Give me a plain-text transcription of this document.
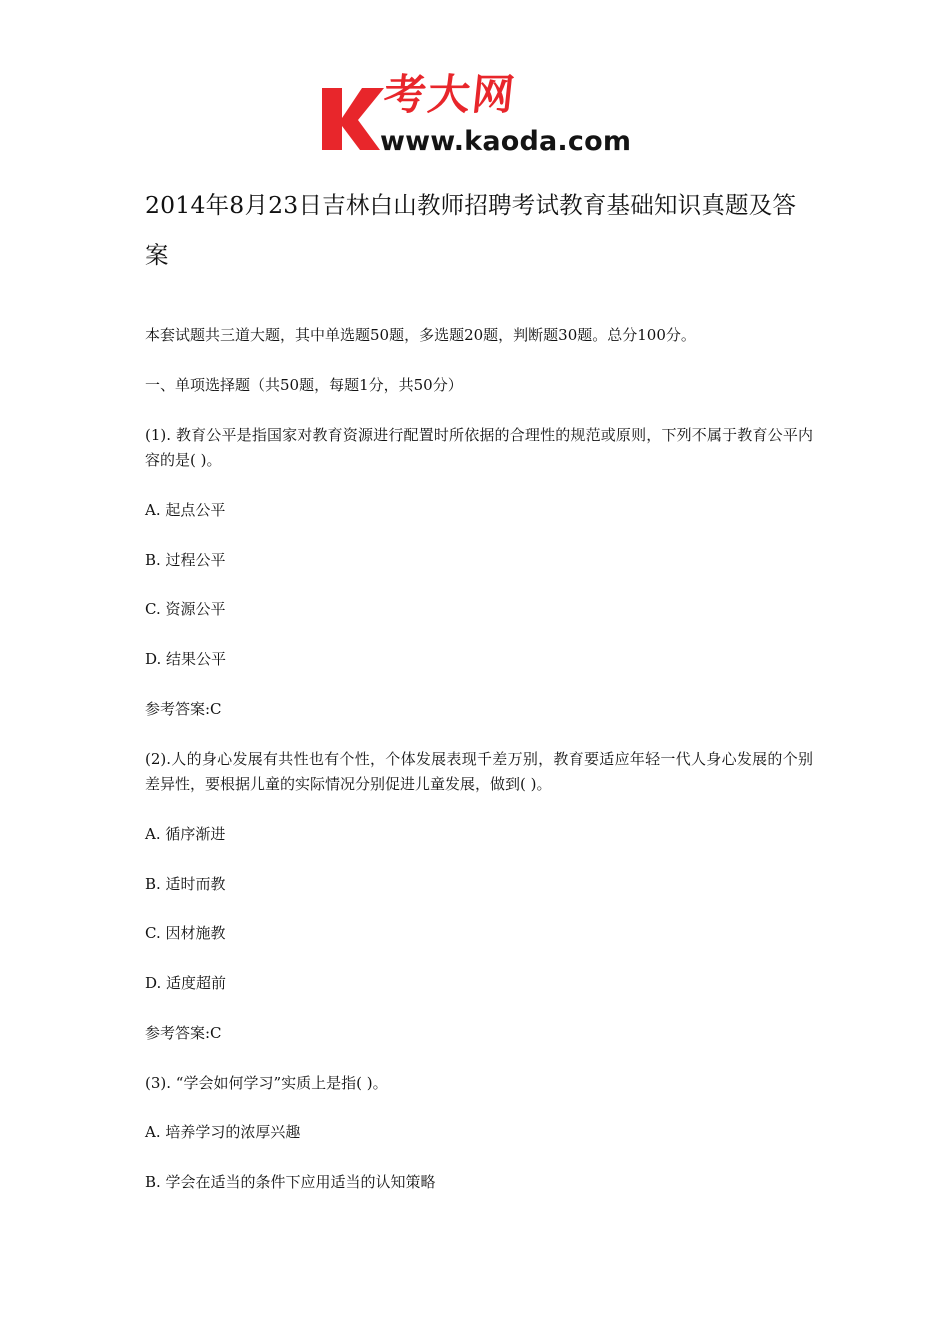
考大网
www.kaoda.com
2014年8月23日吉林白山教师招聘考试教育基础知识真题及答案
本套试题共三道大题，其中单选题50题，多选题20题，判断题30题。总分100分。
一、单项选择题（共50题，每题1分，共50分）
(1). 教育公平是指国家对教育资源进行配置时所依据的合理性的规范或原则，下列不属于教育公平内容的是( )。
A. 起点公平
B. 过程公平
C. 资源公平
D. 结果公平
参考答案:C
(2).人的身心发展有共性也有个性，个体发展表现千差万别，教育要适应年轻一代人身心发展的个别差异性，要根据儿童的实际情况分别促进儿童发展，做到( )。
A. 循序渐进
B. 适时而教
C. 因材施教
D. 适度超前
参考答案:C
(3). “学会如何学习”实质上是指( )。
A. 培养学习的浓厚兴趣
B. 学会在适当的条件下应用适当的认知策略
